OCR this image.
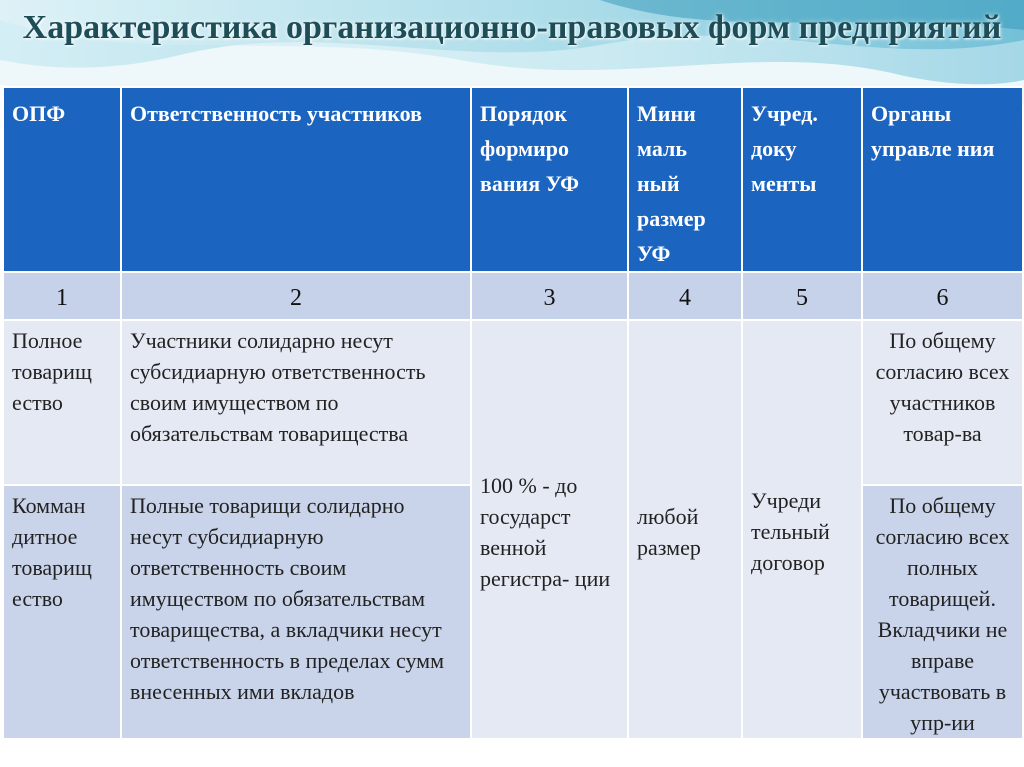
Характеристика организационно-правовых форм предприятий
ОПФ	Ответственность участников	Порядок формиро вания УФ	Мини маль ный размер УФ	Учред. доку менты	Органы управле ния
1	2	3	4	5	6
Полное товарищ ество	Участники солидарно несут субсидиарную ответственность своим имуществом по обязательствам товарищества	100 % - до государст венной регистра- ции	любой размер	Учреди тельный договор	По общему согласию всех участников товар-ва
Комман дитное товарищ ество	Полные товарищи солидарно несут субсидиарную ответственность своим имуществом по обязательствам товарищества, а вкладчики несут ответственность в пределах сумм внесенных ими вкладов				По общему согласию всех полных товарищей. Вкладчики не вправе участвовать в упр-ии
